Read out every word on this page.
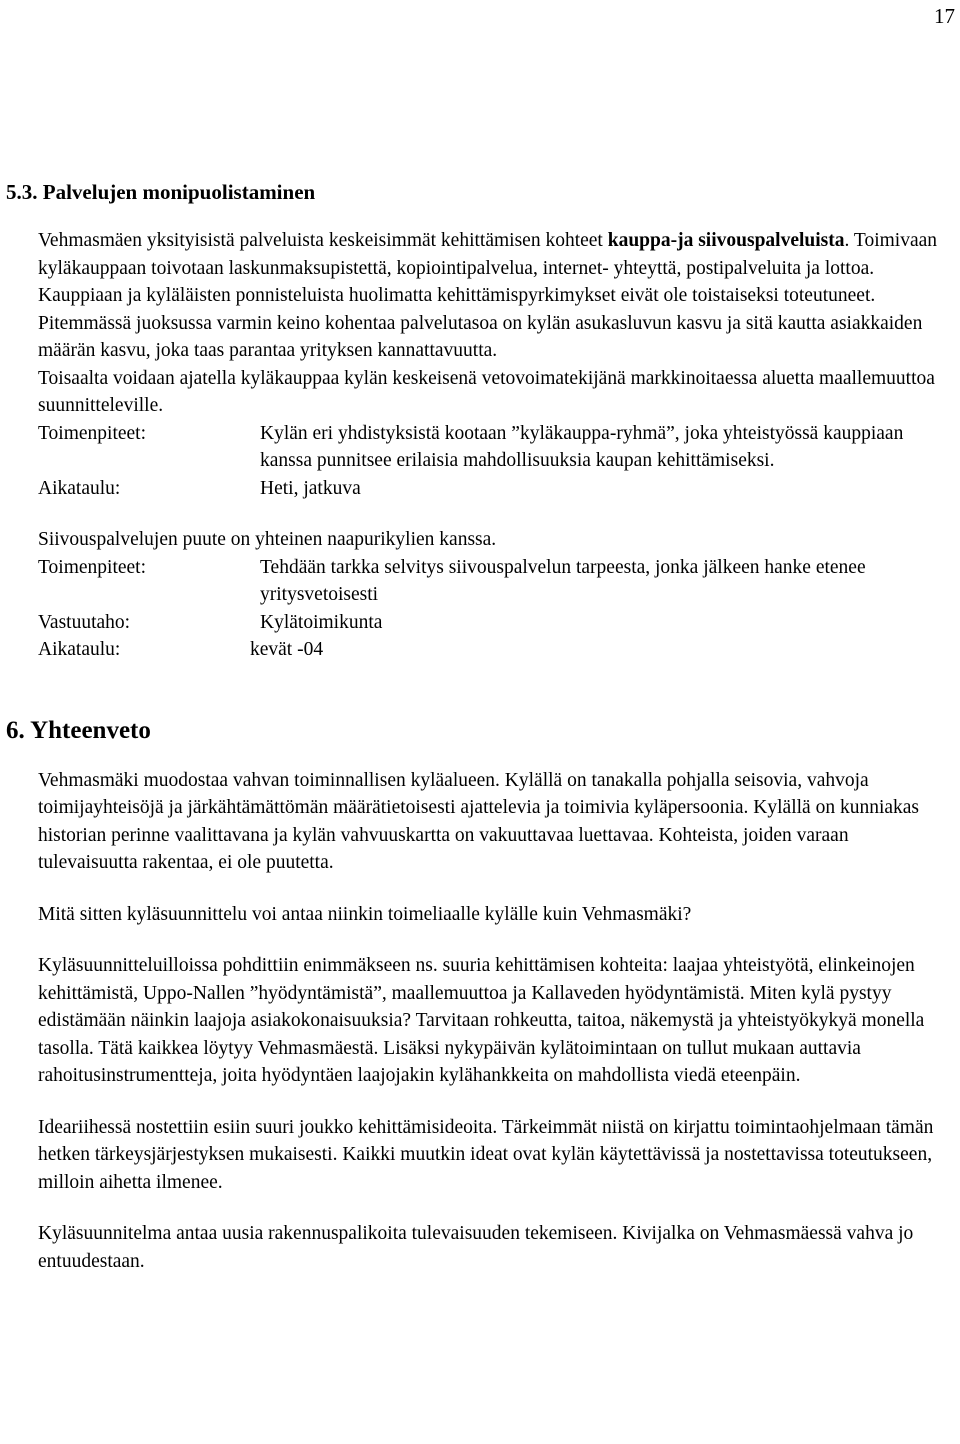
17
5.3. Palvelujen monipuolistaminen

Vehmasmäen yksityisistä palveluista keskeisimmät kehittämisen kohteet kauppa-ja siivouspalveluista. Toimivaan kyläkauppaan toivotaan laskunmaksupistettä, kopiointipalvelua, internet- yhteyttä, postipalveluita ja lottoa.

Kauppiaan ja kyläläisten ponnisteluista huolimatta kehittämispyrkimykset eivät ole toistaiseksi toteutuneet.

Pitemmässä juoksussa varmin keino kohentaa palvelutasoa on kylän asukasluvun kasvu ja sitä kautta asiakkaiden määrän kasvu, joka taas parantaa yrityksen kannattavuutta.

Toisaalta voidaan ajatella kyläkauppaa kylän keskeisenä vetovoimatekijänä markkinoitaessa aluetta maallemuuttoa suunnitteleville.

Toimenpiteet:	Kylän eri yhdistyksistä kootaan ”kyläkauppa-ryhmä”, joka yhteistyössä kauppiaan kanssa punnitsee erilaisia mahdollisuuksia kaupan kehittämiseksi.
Aikataulu:	Heti, jatkuva

Siivouspalvelujen puute on yhteinen naapurikylien kanssa.

Toimenpiteet:	Tehdään tarkka selvitys siivouspalvelun tarpeesta, jonka jälkeen hanke etenee yritysvetoisesti
Vastuutaho:	Kylätoimikunta
Aikataulu:	kevät -04
6. Yhteenveto

Vehmasmäki muodostaa vahvan toiminnallisen kyläalueen. Kylällä on tanakalla pohjalla seisovia, vahvoja toimijayhteisöjä ja järkähtämättömän määrätietoisesti ajattelevia ja toimivia kyläpersoonia. Kylällä on kunniakas historian perinne vaalittavana ja kylän vahvuuskartta on vakuuttavaa luettavaa. Kohteista, joiden varaan tulevaisuutta rakentaa, ei ole puutetta.

Mitä sitten kyläsuunnittelu voi antaa niinkin toimeliaalle kylälle kuin Vehmasmäki?

Kyläsuunnitteluilloissa pohdittiin enimmäkseen ns. suuria kehittämisen kohteita: laajaa yhteistyötä, elinkeinojen kehittämistä, Uppo-Nallen ”hyödyntämistä”, maallemuuttoa ja Kallaveden hyödyntämistä. Miten kylä pystyy edistämään näinkin laajoja asiakokonaisuuksia? Tarvitaan rohkeutta, taitoa, näkemystä ja yhteistyökykyä monella tasolla. Tätä kaikkea löytyy Vehmasmäestä. Lisäksi nykypäivän kylätoimintaan on tullut mukaan auttavia rahoitusinstrumentteja, joita hyödyntäen laajojakin kylähankkeita on mahdollista viedä eteenpäin.

Ideariihessä nostettiin esiin suuri joukko kehittämisideoita. Tärkeimmät niistä on kirjattu toimintaohjelmaan tämän hetken tärkeysjärjestyksen mukaisesti. Kaikki muutkin ideat ovat kylän käytettävissä ja nostettavissa toteutukseen, milloin aihetta ilmenee.

Kyläsuunnitelma antaa uusia rakennuspalikoita tulevaisuuden tekemiseen. Kivijalka on Vehmasmäessä vahva jo entuudestaan.
